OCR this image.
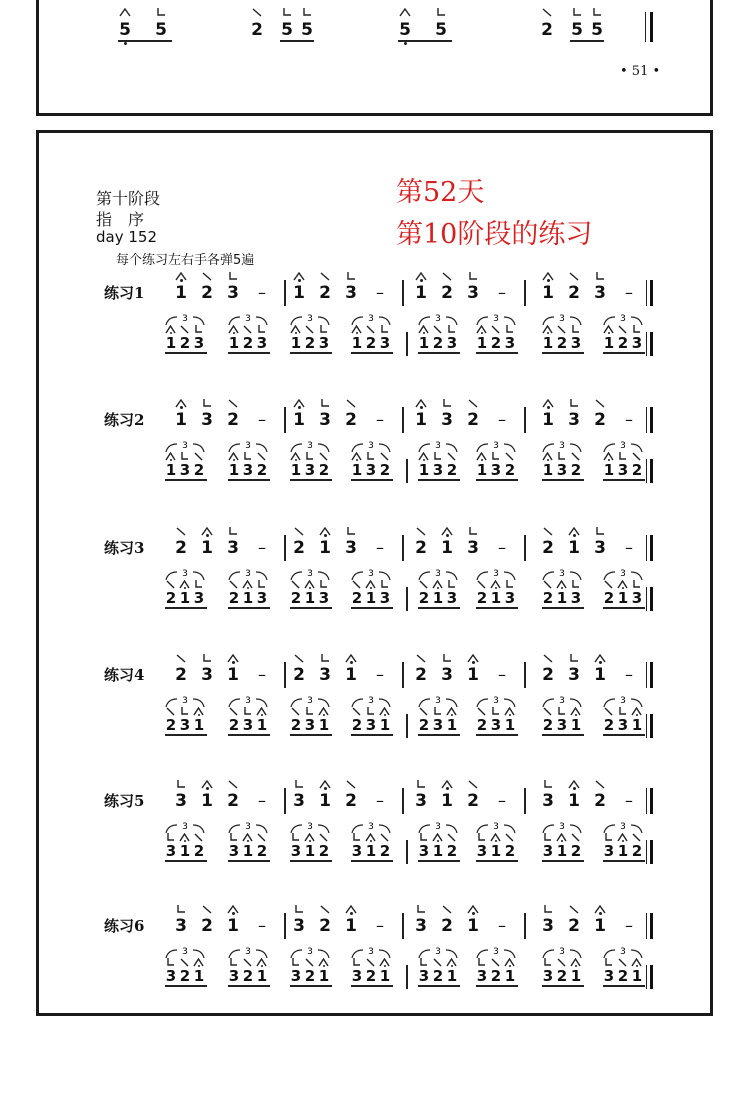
5 5	2 5 5	5 5	2 5 5
• 51 •
第十阶段
指　序
day 152
每个练习左右手各弹5遍
第52天
第10阶段的练习
练习1 1 2 3 – 1 2 3 – 1 2 3 – 1 2 3 –
1 2 3
3
1 2 3
3
1 2 3
3
1 2 3
3
1 2 3
3
1 2 3
3
1 2 3
3
1 2 3
3
练习2 1 3 2 – 1 3 2 – 1 3 2 – 1 3 2 –
1 3 2
3
1 3 2
3
1 3 2
3
1 3 2
3
1 3 2
3
1 3 2
3
1 3 2
3
1 3 2
3
练习3 2 1 3 – 2 1 3 – 2 1 3 – 2 1 3 –
2 1 3
3
2 1 3
3
2 1 3
3
2 1 3
3
2 1 3
3
2 1 3
3
2 1 3
3
2 1 3
3
练习4 2 3 1 – 2 3 1 – 2 3 1 – 2 3 1 –
2 3 1
3
2 3 1
3
2 3 1
3
2 3 1
3
2 3 1
3
2 3 1
3
2 3 1
3
2 3 1
3
练习5 3 1 2 – 3 1 2 – 3 1 2 – 3 1 2 –
3 1 2
3
3 1 2
3
3 1 2
3
3 1 2
3
3 1 2
3
3 1 2
3
3 1 2
3
3 1 2
3
练习6 3 2 1 – 3 2 1 – 3 2 1 – 3 2 1 –
3 2 1
3
3 2 1
3
3 2 1
3
3 2 1
3
3 2 1
3
3 2 1
3
3 2 1
3
3 2 1
3
